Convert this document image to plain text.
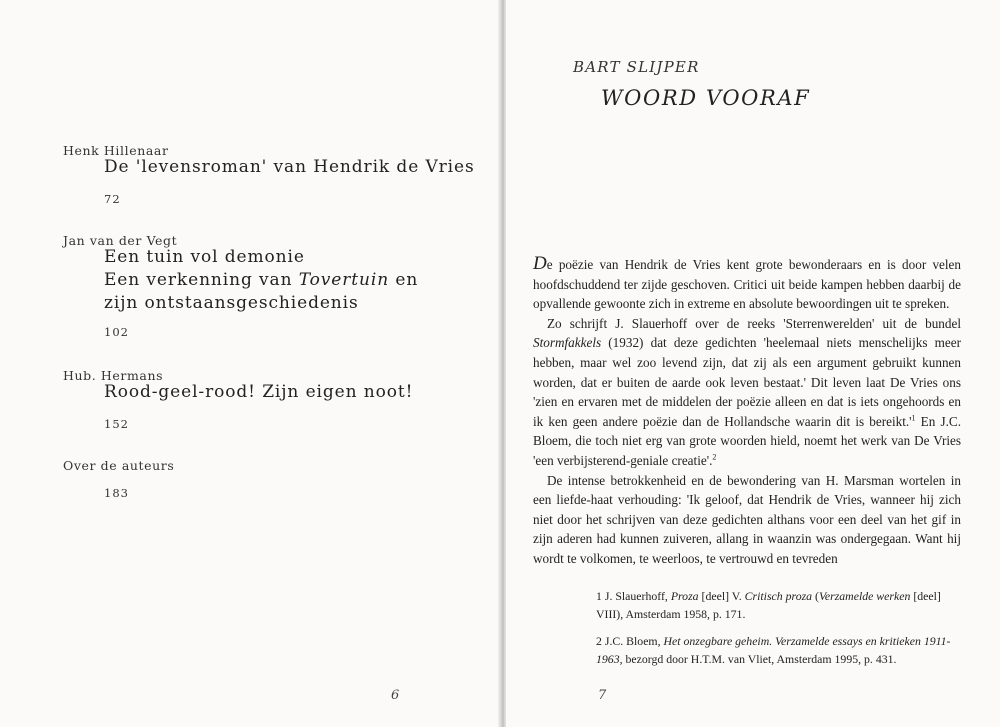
Henk Hillenaar

De 'levensroman' van Hendrik de Vries

72

Jan van der Vegt

Een tuin vol demonie

Een verkenning van Tovertuin en

zijn ontstaansgeschiedenis

102

Hub. Hermans

Rood-geel-rood! Zijn eigen noot!

152

Over de auteurs

183

6

BART SLIJPER

WOORD VOORAF

De poëzie van Hendrik de Vries kent grote bewonderaars en is door velen hoofdschuddend ter zijde geschoven. Critici uit beide kampen hebben daarbij de opvallende gewoonte zich in extreme en absolute bewoordingen uit te spreken.

Zo schrijft J. Slauerhoff over de reeks 'Sterrenwerelden' uit de bundel Stormfakkels (1932) dat deze gedichten 'heelemaal niets menschelijks meer hebben, maar wel zoo levend zijn, dat zij als een argument gebruikt kunnen worden, dat er buiten de aarde ook leven bestaat.' Dit leven laat De Vries ons 'zien en ervaren met de middelen der poëzie alleen en dat is iets ongehoords en ik ken geen andere poëzie dan de Hollandsche waarin dit is $bereikt.'^1$ En J.C. Bloem, die toch niet erg van grote woorden hield, noemt het werk van De Vries 'een verbijsterend-geniale creatie'.$^2$

De intense betrokkenheid en de bewondering van H. Marsman wortelen in een liefde-haat verhouding: 'Ik geloof, dat Hendrik de Vries, wanneer hij zich niet door het schrijven van deze gedichten althans voor een deel van het gif in zijn aderen had kunnen zuiveren, allang in waanzin was ondergegaan. Want hij wordt te volkomen, te weerloos, te vertrouwd en tevreden

1 J. Slauerhoff, Proza [deel] V. Critisch proza (Verzamelde werken [deel] VIII), Amsterdam 1958, p. 171.

2 J.C. Bloem, Het onzegbare geheim. Verzamelde essays en kritieken 1911-1963, bezorgd door H.T.M. van Vliet, Amsterdam 1995, p. 431.

7
